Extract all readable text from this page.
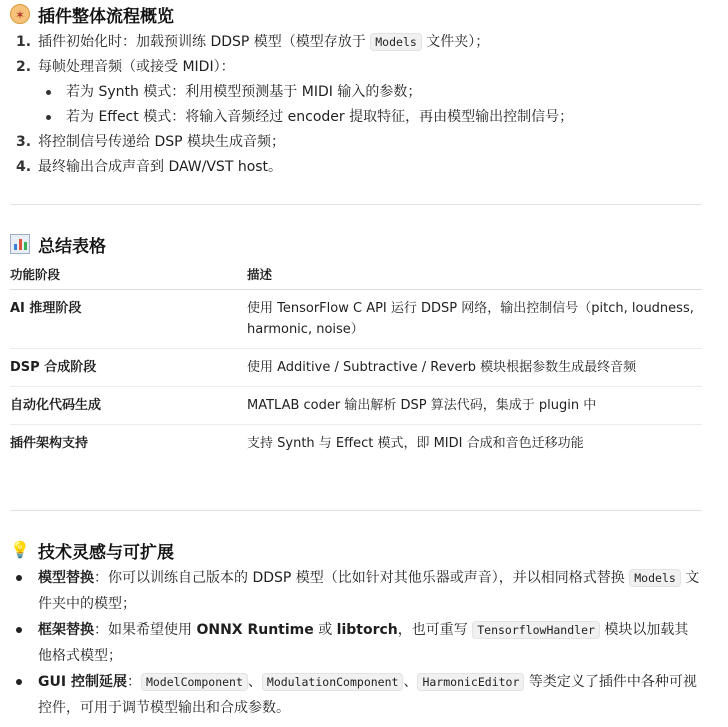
✶ 插件整体流程概览
1. 插件初始化时：加载预训练 DDSP 模型（模型存放于 Models 文件夹）；
2. 每帧处理音频（或接受 MIDI）：
若为 Synth 模式：利用模型预测基于 MIDI 输入的参数；
若为 Effect 模式：将输入音频经过 encoder 提取特征，再由模型输出控制信号；
3. 将控制信号传递给 DSP 模块生成音频；
4. 最终输出合成声音到 DAW/VST host。
总结表格
功能阶段	描述
AI 推理阶段	使用 TensorFlow C API 运行 DDSP 网络，输出控制信号（pitch, loudness, harmonic, noise）
DSP 合成阶段	使用 Additive / Subtractive / Reverb 模块根据参数生成最终音频
自动化代码生成	MATLAB coder 输出解析 DSP 算法代码，集成于 plugin 中
插件架构支持	支持 Synth 与 Effect 模式，即 MIDI 合成和音色迁移功能
💡 技术灵感与可扩展
模型替换：你可以训练自己版本的 DDSP 模型（比如针对其他乐器或声音），并以相同格式替换 Models 文件夹中的模型；
框架替换：如果希望使用 ONNX Runtime 或 libtorch，也可重写 TensorflowHandler 模块以加载其他格式模型；
GUI 控制延展： ModelComponent 、 ModulationComponent 、 HarmonicEditor 等类定义了插件中各种可视控件，可用于调节模型输出和合成参数。
